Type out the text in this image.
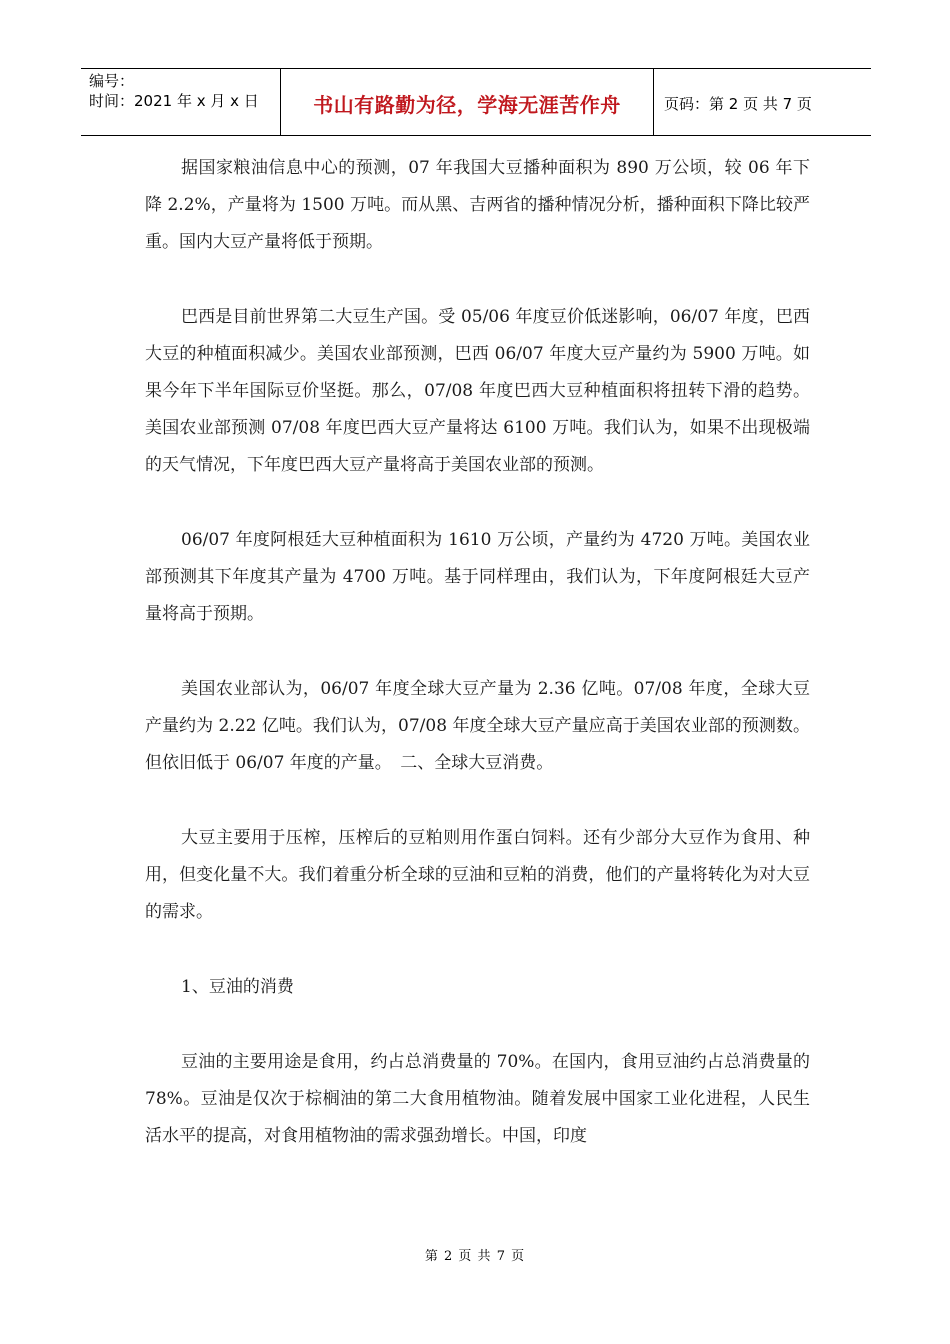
编号：
时间：2021 年 x 月 x 日	书山有路勤为径，学海无涯苦作舟	页码：第 2 页 共 7 页

据国家粮油信息中心的预测，07 年我国大豆播种面积为 890 万公顷，较 06 年下降 2.2%，产量将为 1500 万吨。而从黑、吉两省的播种情况分析，播种面积下降比较严重。国内大豆产量将低于预期。

巴西是目前世界第二大豆生产国。受 05/06 年度豆价低迷影响，06/07 年度，巴西大豆的种植面积减少。美国农业部预测，巴西 06/07 年度大豆产量约为 5900 万吨。如果今年下半年国际豆价坚挺。那么，07/08 年度巴西大豆种植面积将扭转下滑的趋势。美国农业部预测 07/08 年度巴西大豆产量将达 6100 万吨。我们认为，如果不出现极端的天气情况，下年度巴西大豆产量将高于美国农业部的预测。

06/07 年度阿根廷大豆种植面积为 1610 万公顷，产量约为 4720 万吨。美国农业部预测其下年度其产量为 4700 万吨。基于同样理由，我们认为，下年度阿根廷大豆产量将高于预期。

美国农业部认为，06/07 年度全球大豆产量为 2.36 亿吨。07/08 年度，全球大豆产量约为 2.22 亿吨。我们认为，07/08 年度全球大豆产量应高于美国农业部的预测数。但依旧低于 06/07 年度的产量。　二、全球大豆消费。

大豆主要用于压榨，压榨后的豆粕则用作蛋白饲料。还有少部分大豆作为食用、种用，但变化量不大。我们着重分析全球的豆油和豆粕的消费，他们的产量将转化为对大豆的需求。

1、豆油的消费

豆油的主要用途是食用，约占总消费量的 70%。在国内，食用豆油约占总消费量的 78%。豆油是仅次于棕榈油的第二大食用植物油。随着发展中国家工业化进程，人民生活水平的提高，对食用植物油的需求强劲增长。中国，印度

第 2 页 共 7 页
